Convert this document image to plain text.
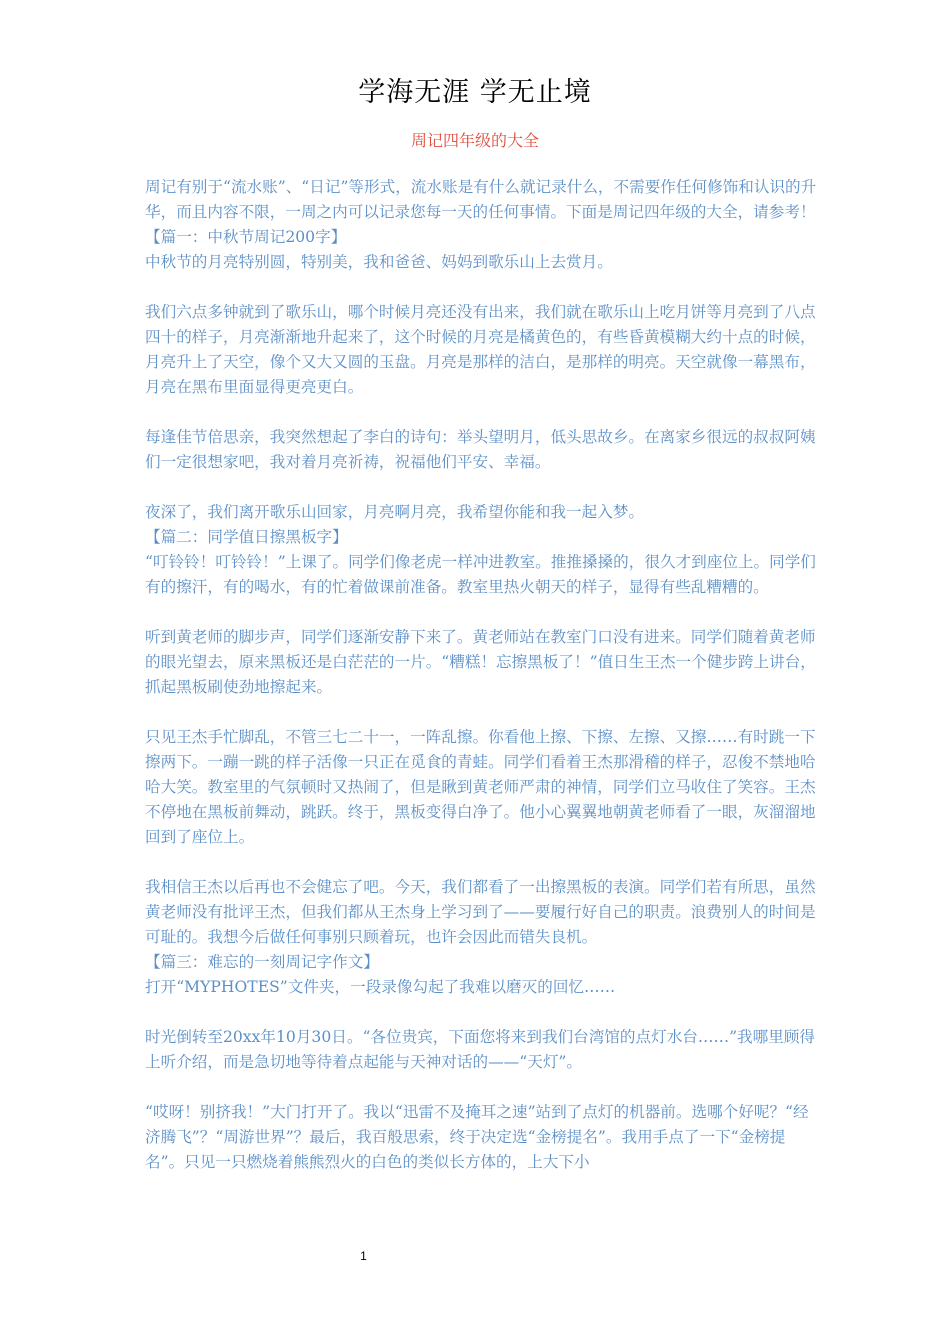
学海无涯 学无止境
周记四年级的大全

周记有别于“流水账”、“日记”等形式，流水账是有什么就记录什么，不需要作任何修饰和认识的升华，而且内容不限，一周之内可以记录您每一天的任何事情。下面是周记四年级的大全，请参考！

【篇一：中秋节周记200字】

中秋节的月亮特别圆，特别美，我和爸爸、妈妈到歌乐山上去赏月。

我们六点多钟就到了歌乐山，哪个时候月亮还没有出来，我们就在歌乐山上吃月饼等月亮到了八点四十的样子，月亮渐渐地升起来了，这个时候的月亮是橘黄色的，有些昏黄模糊大约十点的时候，月亮升上了天空，像个又大又圆的玉盘。月亮是那样的洁白，是那样的明亮。天空就像一幕黑布，月亮在黑布里面显得更亮更白。

每逢佳节倍思亲，我突然想起了李白的诗句：举头望明月，低头思故乡。在离家乡很远的叔叔阿姨们一定很想家吧，我对着月亮祈祷，祝福他们平安、幸福。

夜深了，我们离开歌乐山回家，月亮啊月亮，我希望你能和我一起入梦。

【篇二：同学值日擦黑板字】

“叮铃铃！叮铃铃！”上课了。同学们像老虎一样冲进教室。推推搡搡的，很久才到座位上。同学们有的擦汗，有的喝水，有的忙着做课前准备。教室里热火朝天的样子，显得有些乱糟糟的。

听到黄老师的脚步声，同学们逐渐安静下来了。黄老师站在教室门口没有进来。同学们随着黄老师的眼光望去，原来黑板还是白茫茫的一片。“糟糕！忘擦黑板了！”值日生王杰一个健步跨上讲台，抓起黑板刷使劲地擦起来。

只见王杰手忙脚乱，不管三七二十一，一阵乱擦。你看他上擦、下擦、左擦、又擦……有时跳一下擦两下。一蹦一跳的样子活像一只正在觅食的青蛙。同学们看着王杰那滑稽的样子，忍俊不禁地哈哈大笑。教室里的气氛顿时又热闹了，但是瞅到黄老师严肃的神情，同学们立马收住了笑容。王杰不停地在黑板前舞动，跳跃。终于，黑板变得白净了。他小心翼翼地朝黄老师看了一眼，灰溜溜地回到了座位上。

我相信王杰以后再也不会健忘了吧。今天，我们都看了一出擦黑板的表演。同学们若有所思，虽然黄老师没有批评王杰，但我们都从王杰身上学习到了——要履行好自己的职责。浪费别人的时间是可耻的。我想今后做任何事别只顾着玩，也许会因此而错失良机。

【篇三：难忘的一刻周记字作文】

打开“MYPHOTES”文件夹，一段录像勾起了我难以磨灭的回忆……

时光倒转至20xx年10月30日。“各位贵宾，下面您将来到我们台湾馆的点灯水台……”我哪里顾得上听介绍，而是急切地等待着点起能与天神对话的——“天灯”。

“哎呀！别挤我！”大门打开了。我以“迅雷不及掩耳之速”站到了点灯的机器前。选哪个好呢？“经济腾飞”？“周游世界”？最后，我百般思索，终于决定选“金榜提名”。我用手点了一下“金榜提名”。只见一只燃烧着熊熊烈火的白色的类似长方体的，上大下小

1
